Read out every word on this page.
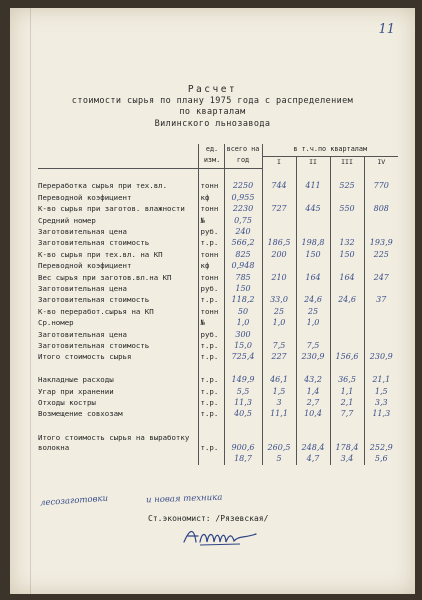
11
Расчет
стоимости сырья по плану 1975 года с распределением
по кварталам
Вилинского льнозавода
	ед. изм.	всего на год	в т.ч.по кварталам			
			I	II	III	IV

Переработка сырья при тех.вл.	тонн	2250	744	411	525	770
Переводной коэфициент	кф	0,955				
К-во сырья при заготов. влажности	тонн	2230	727	445	550	808
Средний номер	№	0,75				
Заготовительная цена	руб.	240				
Заготовительная стоимость	т.р.	566,2	186,5	198,8	132	193,9
К-во сырья при тех.вл. на КП	тонн	825	200	150	150	225
Переводной коэфициент	кф	0,948				
Вес сырья при заготов.вл.на КП	тонн	785	210	164	164	247
Заготовительная цена	руб.	150				
Заготовительная стоимость	т.р.	118,2	33,0	24,6	24,6	37
К-во переработ.сырья на КП	тонн	50	25	25		
Ср.номер	№	1,0	1,0	1,0		
Заготовительная цена	руб.	300				
Заготовительная стоимость	т.р.	15,0	7,5	7,5		
Итого стоимость сырья	т.р.	725,4	227	230,9	156,6	230,9

Накладные расходы	т.р.	149,9	46,1	43,2	36,5	21,1
Угар при хранении	т.р.	5,5	1,5	1,4	1,1	1,5
Отходы костры	т.р.	11,3	3	2,7	2,1	3,3
Возмещение совхозам	т.р.	40,5	11,1	10,4	7,7	11,3

Итого стоимость сырья на выработку волокна	т.р.	900,6	260,5	248,4	178,4	252,9
		18,7	5	4,7	3,4	5,6
лесозаготовки	и новая техника
Ст.экономист: /Рязевская/
